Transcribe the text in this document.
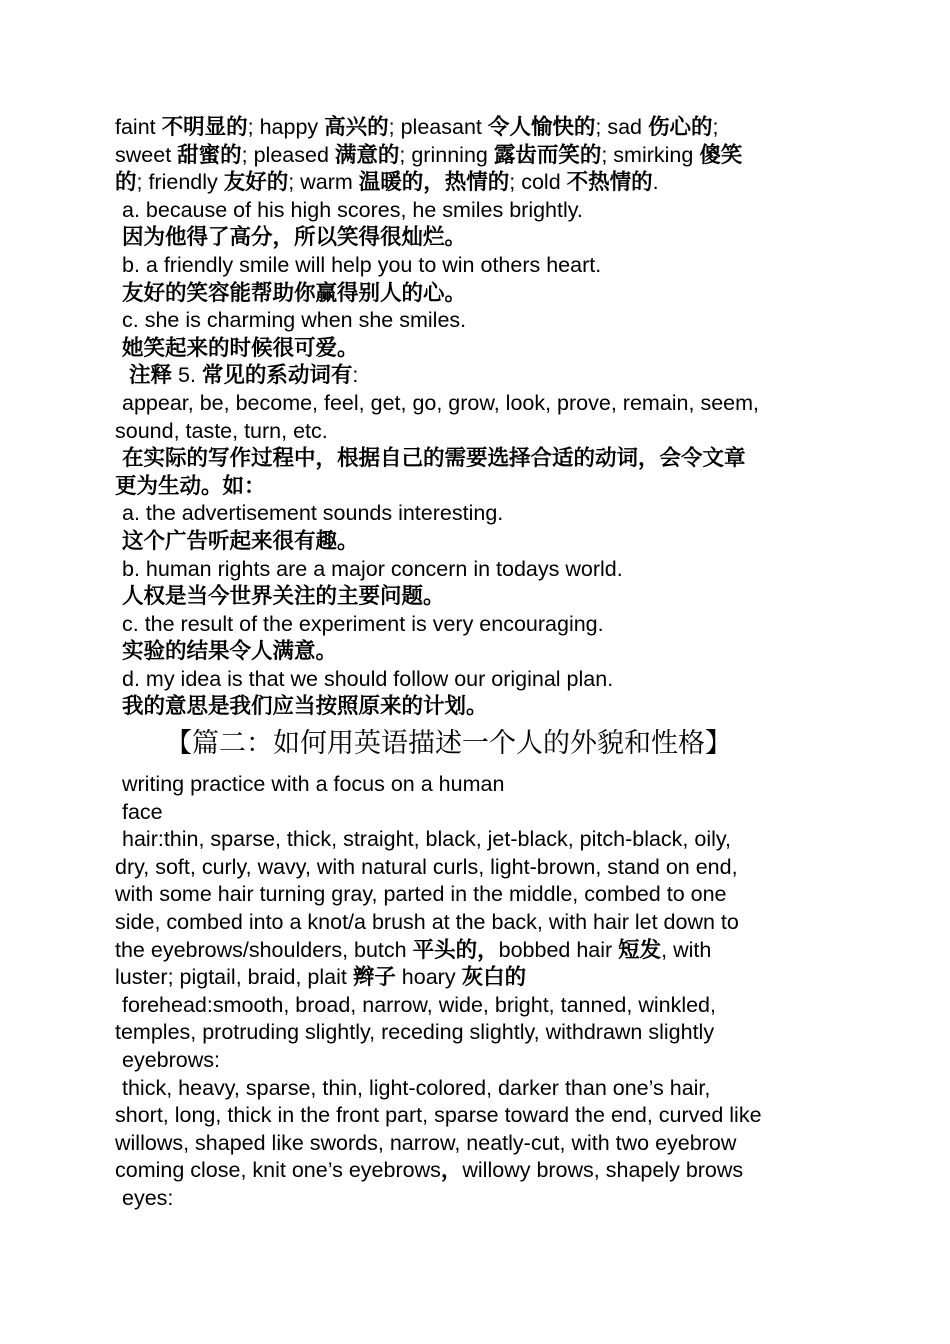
faint 不明显的; happy 高兴的; pleasant 令人愉快的; sad 伤心的;
sweet 甜蜜的; pleased 满意的; grinning 露齿而笑的; smirking 傻笑
的; friendly 友好的; warm 温暖的，热情的; cold 不热情的.
a. because of his high scores, he smiles brightly.
因为他得了高分，所以笑得很灿烂。
b. a friendly smile will help you to win others heart.
友好的笑容能帮助你赢得别人的心。
c. she is charming when she smiles.
她笑起来的时候很可爱。
注释 5. 常见的系动词有:
appear, be, become, feel, get, go, grow, look, prove, remain, seem,
sound, taste, turn, etc.
在实际的写作过程中，根据自己的需要选择合适的动词，会令文章
更为生动。如：
a. the advertisement sounds interesting.
这个广告听起来很有趣。
b. human rights are a major concern in todays world.
人权是当今世界关注的主要问题。
c. the result of the experiment is very encouraging.
实验的结果令人满意。
d. my idea is that we should follow our original plan.
我的意思是我们应当按照原来的计划。
【篇二：如何用英语描述一个人的外貌和性格】
writing practice with a focus on a human
face
hair:thin, sparse, thick, straight, black, jet-black, pitch-black, oily,
dry, soft, curly, wavy, with natural curls, light-brown, stand on end,
with some hair turning gray, parted in the middle, combed to one
side, combed into a knot/a brush at the back, with hair let down to
the eyebrows/shoulders, butch 平头的，bobbed hair 短发, with
luster; pigtail, braid, plait 辫子 hoary 灰白的
forehead:smooth, broad, narrow, wide, bright, tanned, winkled,
temples, protruding slightly, receding slightly, withdrawn slightly
eyebrows:
thick, heavy, sparse, thin, light-colored, darker than one’s hair,
short, long, thick in the front part, sparse toward the end, curved like
willows, shaped like swords, narrow, neatly-cut, with two eyebrow
coming close, knit one’s eyebrows，willowy brows, shapely brows
eyes:
